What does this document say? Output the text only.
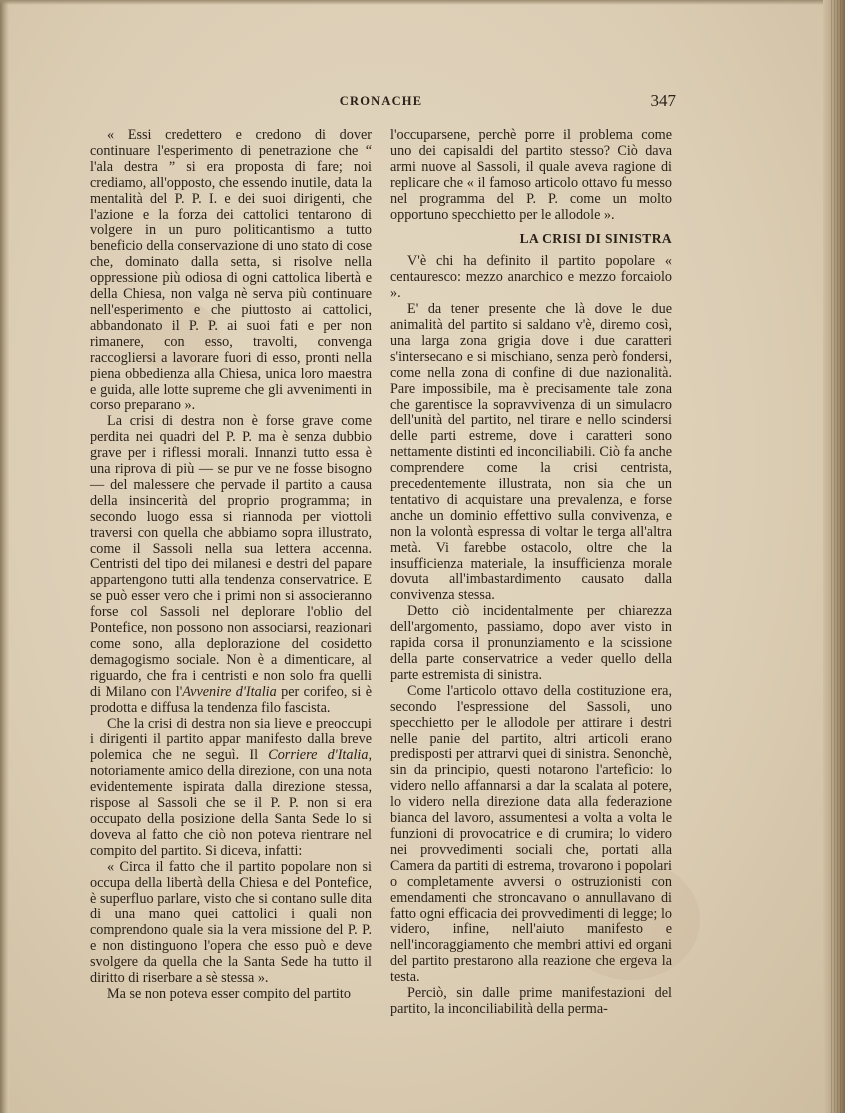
CRONACHE	347

« Essi credettero e credono di dover continuare l'esperimento di penetrazione che “ l'ala destra ” si era proposta di fare; noi crediamo, all'opposto, che essendo inutile, data la mentalità del P. P. I. e dei suoi dirigenti, che l'azione e la forza dei cattolici tentarono di volgere in un puro politicantismo a tutto beneficio della conservazione di uno stato di cose che, dominato dalla setta, si risolve nella oppressione più odiosa di ogni cattolica libertà e della Chiesa, non valga nè serva più continuare nell'esperimento e che piuttosto ai cattolici, abbandonato il P. P. ai suoi fati e per non rimanere, con esso, travolti, convenga raccogliersi a lavorare fuori di esso, pronti nella piena obbedienza alla Chiesa, unica loro maestra e guida, alle lotte supreme che gli avvenimenti in corso preparano ».

La crisi di destra non è forse grave come perdita nei quadri del P. P. ma è senza dubbio grave per i riflessi morali. Innanzi tutto essa è una riprova di più — se pur ve ne fosse bisogno — del malessere che pervade il partito a causa della insincerità del proprio programma; in secondo luogo essa si riannoda per viottoli traversi con quella che abbiamo sopra illustrato, come il Sassoli nella sua lettera accenna. Centristi del tipo dei milanesi e destri del papare appartengono tutti alla tendenza conservatrice. E se può esser vero che i primi non si associeranno forse col Sassoli nel deplorare l'oblio del Pontefice, non possono non associarsi, reazionari come sono, alla deplorazione del cosidetto demagogismo sociale. Non è a dimenticare, al riguardo, che fra i centristi e non solo fra quelli di Milano con l'Avvenire d'Italia per corifeo, si è prodotta e diffusa la tendenza filo fascista.

Che la crisi di destra non sia lieve e preoccupi i dirigenti il partito appar manifesto dalla breve polemica che ne seguì. Il Corriere d'Italia, notoriamente amico della direzione, con una nota evidentemente ispirata dalla direzione stessa, rispose al Sassoli che se il P. P. non si era occupato della posizione della Santa Sede lo si doveva al fatto che ciò non poteva rientrare nel compito del partito. Si diceva, infatti:

« Circa il fatto che il partito popolare non si occupa della libertà della Chiesa e del Pontefice, è superfluo parlare, visto che si contano sulle dita di una mano quei cattolici i quali non comprendono quale sia la vera missione del P. P. e non distinguono l'opera che esso può e deve svolgere da quella che la Santa Sede ha tutto il diritto di riserbare a sè stessa ».

Ma se non poteva esser compito del partito

l'occuparsene, perchè porre il problema come uno dei capisaldi del partito stesso? Ciò dava armi nuove al Sassoli, il quale aveva ragione di replicare che « il famoso articolo ottavo fu messo nel programma del P. P. come un molto opportuno specchietto per le allodole ».

LA CRISI DI SINISTRA

V'è chi ha definito il partito popolare « centauresco: mezzo anarchico e mezzo forcaiolo ».

E' da tener presente che là dove le due animalità del partito si saldano v'è, diremo così, una larga zona grigia dove i due caratteri s'intersecano e si mischiano, senza però fondersi, come nella zona di confine di due nazionalità. Pare impossibile, ma è precisamente tale zona che garentisce la sopravvivenza di un simulacro dell'unità del partito, nel tirare e nello scindersi delle parti estreme, dove i caratteri sono nettamente distinti ed inconciliabili. Ciò fa anche comprendere come la crisi centrista, precedentemente illustrata, non sia che un tentativo di acquistare una prevalenza, e forse anche un dominio effettivo sulla convivenza, e non la volontà espressa di voltar le terga all'altra metà. Vi farebbe ostacolo, oltre che la insufficienza materiale, la insufficienza morale dovuta all'imbastardimento causato dalla convivenza stessa.

Detto ciò incidentalmente per chiarezza dell'argomento, passiamo, dopo aver visto in rapida corsa il pronunziamento e la scissione della parte conservatrice a veder quello della parte estremista di sinistra.

Come l'articolo ottavo della costituzione era, secondo l'espressione del Sassoli, uno specchietto per le allodole per attirare i destri nelle panie del partito, altri articoli erano predisposti per attrarvi quei di sinistra. Senonchè, sin da principio, questi notarono l'artefìcio: lo videro nello affannarsi a dar la scalata al potere, lo videro nella direzione data alla federazione bianca del lavoro, assumentesi a volta a volta le funzioni di provocatrice e di crumira; lo videro nei provvedimenti sociali che, portati alla Camera da partiti di estrema, trovarono i popolari o completamente avversi o ostruzionisti con emendamenti che stroncavano o annullavano di fatto ogni efficacia dei provvedimenti di legge; lo videro, infine, nell'aiuto manifesto e nell'incoraggiamento che membri attivi ed organi del partito prestarono alla reazione che ergeva la testa.

Perciò, sin dalle prime manifestazioni del partito, la inconciliabilità della perma-
